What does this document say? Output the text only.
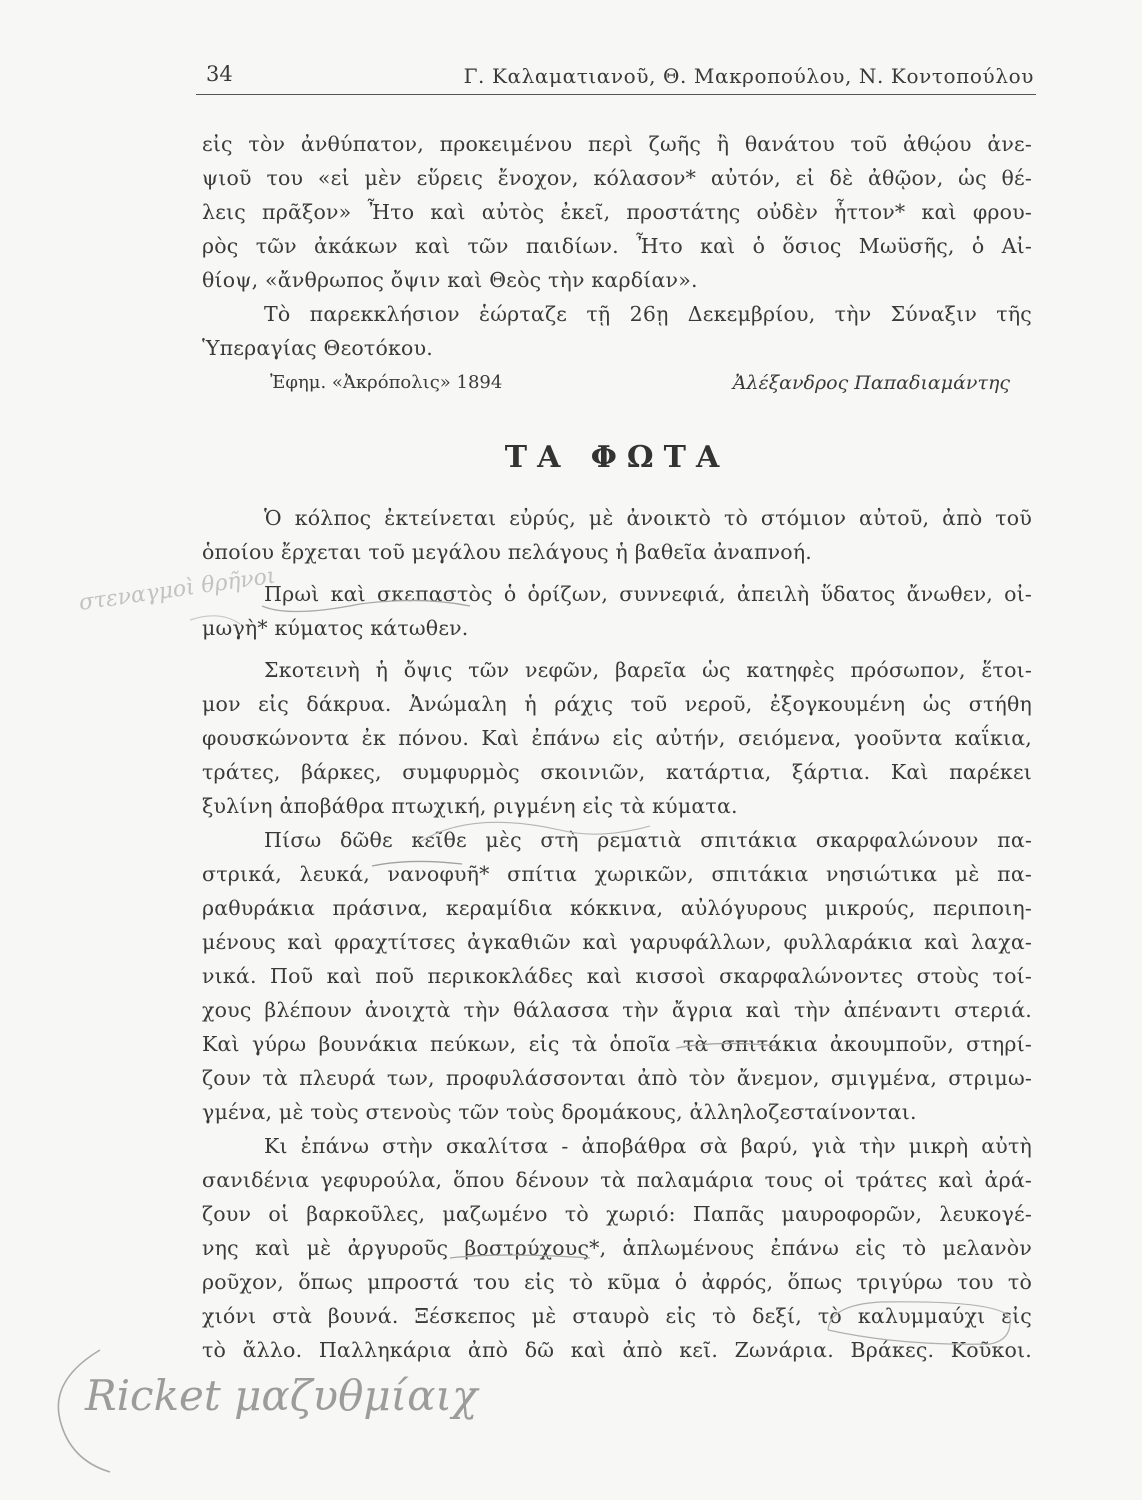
34	Γ. Καλαματιανοῦ, Θ. Μακροπούλου, Ν. Κοντοπούλου
εἰς τὸν ἀνθύπατον, προκειμένου περὶ ζωῆς ἢ θανάτου τοῦ ἀθῴου ἀνε-
ψιοῦ του «εἰ μὲν εὕρεις ἔνοχον, κόλασον* αὐτόν, εἰ δὲ ἀθῷον, ὡς θέ-
λεις πρᾶξον» Ἦτο καὶ αὐτὸς ἐκεῖ, προστάτης οὐδὲν ἧττον* καὶ φρου-
ρὸς τῶν ἀκάκων καὶ τῶν παιδίων. Ἦτο καὶ ὁ ὅσιος Μωϋσῆς, ὁ Αἰ-
θίοψ, «ἄνθρωπος ὄψιν καὶ Θεὸς τὴν καρδίαν».
Τὸ παρεκκλήσιον ἑώρταζε τῇ 26ῃ Δεκεμβρίου, τὴν Σύναξιν τῆς
Ὑπεραγίας Θεοτόκου.
Ἐφημ. «Ἀκρόπολις» 1894	Ἀλέξανδρος Παπαδιαμάντης
ΤΑ ΦΩΤΑ
Ὁ κόλπος ἐκτείνεται εὐρύς, μὲ ἀνοικτὸ τὸ στόμιον αὐτοῦ, ἀπὸ τοῦ
ὁποίου ἔρχεται τοῦ μεγάλου πελάγους ἡ βαθεῖα ἀναπνοή.
Πρωὶ καὶ σκεπαστὸς ὁ ὁρίζων, συννεφιά, ἀπειλὴ ὕδατος ἄνωθεν, οἰ-
μωγὴ* κύματος κάτωθεν.
Σκοτεινὴ ἡ ὄψις τῶν νεφῶν, βαρεῖα ὡς κατηφὲς πρόσωπον, ἕτοι-
μον εἰς δάκρυα. Ἀνώμαλη ἡ ράχις τοῦ νεροῦ, ἐξογκουμένη ὡς στήθη
φουσκώνοντα ἐκ πόνου. Καὶ ἐπάνω εἰς αὐτήν, σειόμενα, γοοῦντα καΐκια,
τράτες, βάρκες, συμφυρμὸς σκοινιῶν, κατάρτια, ξάρτια. Καὶ παρέκει
ξυλίνη ἀποβάθρα πτωχική, ριγμένη εἰς τὰ κύματα.
Πίσω δῶθε κεῖθε μὲς στὴ ρεματιὰ σπιτάκια σκαρφαλώνουν πα-
στρικά, λευκά, νανοφυῆ* σπίτια χωρικῶν, σπιτάκια νησιώτικα μὲ πα-
ραθυράκια πράσινα, κεραμίδια κόκκινα, αὐλόγυρους μικρούς, περιποιη-
μένους καὶ φραχτίτσες ἀγκαθιῶν καὶ γαρυφάλλων, φυλλαράκια καὶ λαχα-
νικά. Ποῦ καὶ ποῦ περικοκλάδες καὶ κισσοὶ σκαρφαλώνοντες στοὺς τοί-
χους βλέπουν ἀνοιχτὰ τὴν θάλασσα τὴν ἄγρια καὶ τὴν ἀπέναντι στεριά.
Καὶ γύρω βουνάκια πεύκων, εἰς τὰ ὁποῖα τὰ σπιτάκια ἀκουμποῦν, στηρί-
ζουν τὰ πλευρά των, προφυλάσσονται ἀπὸ τὸν ἄνεμον, σμιγμένα, στριμω-
γμένα, μὲ τοὺς στενοὺς τῶν τοὺς δρομάκους, ἀλληλοζεσταίνονται.
Κι ἐπάνω στὴν σκαλίτσα - ἀποβάθρα σὰ βαρύ, γιὰ τὴν μικρὴ αὐτὴ
σανιδένια γεφυρούλα, ὅπου δένουν τὰ παλαμάρια τους οἱ τράτες καὶ ἀρά-
ζουν οἱ βαρκοῦλες, μαζωμένο τὸ χωριό: Παπᾶς μαυροφορῶν, λευκογέ-
νης καὶ μὲ ἀργυροῦς βοστρύχους*, ἁπλωμένους ἐπάνω εἰς τὸ μελανὸν
ροῦχον, ὅπως μπροστά του εἰς τὸ κῦμα ὁ ἀφρός, ὅπως τριγύρω του τὸ
χιόνι στὰ βουνά. Ξέσκεπος μὲ σταυρὸ εἰς τὸ δεξί, τὸ καλυμμαύχι εἰς
τὸ ἄλλο. Παλληκάρια ἀπὸ δῶ καὶ ἀπὸ κεῖ. Ζωνάρια. Βράκες. Κοῦκοι.
στεναγμοὶ θρῆνοι
Ricket μαζυθμίαιχ
